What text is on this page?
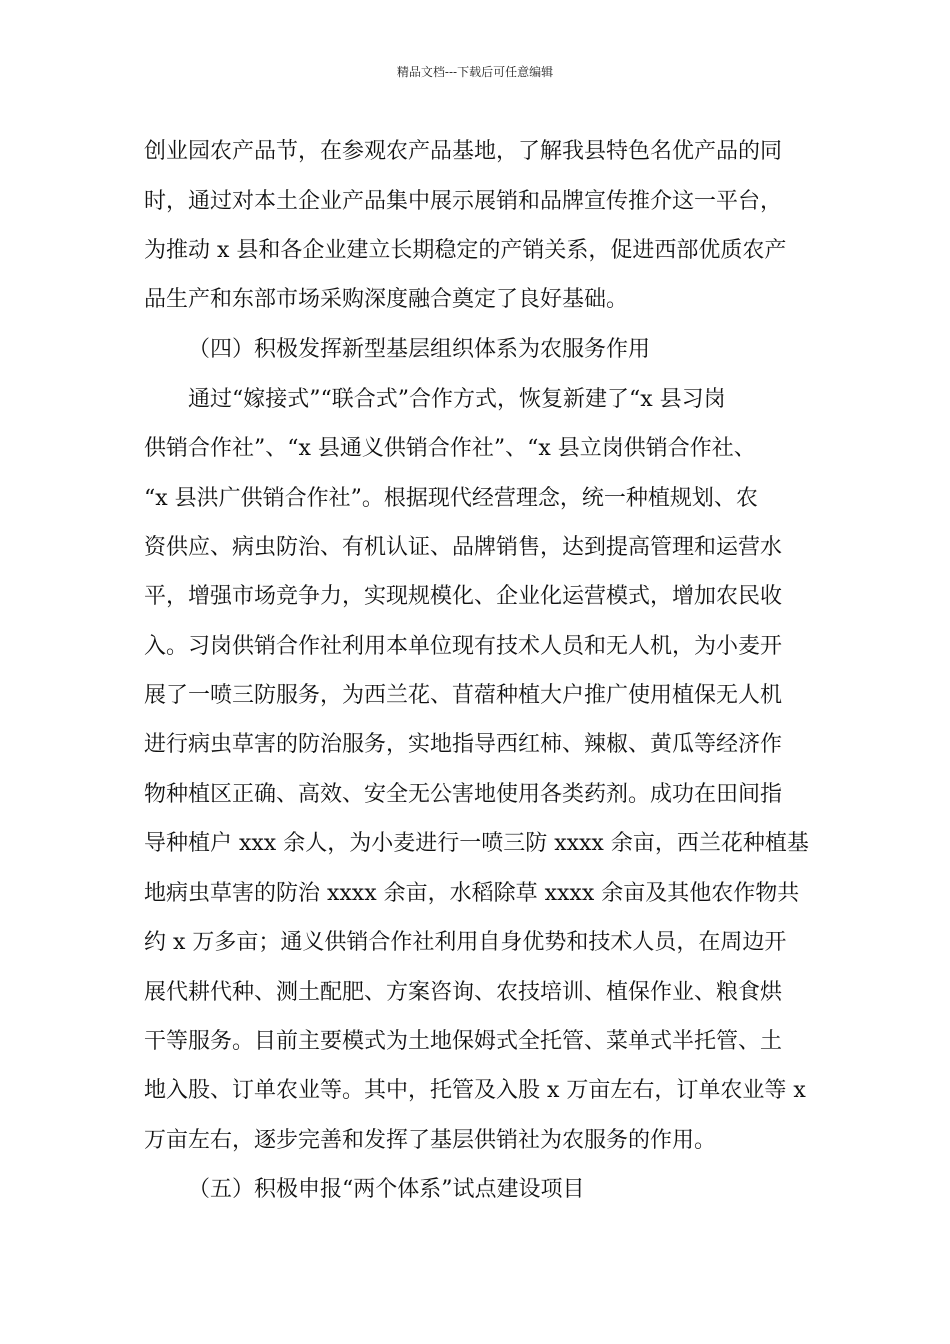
精品文档---下载后可任意编辑
创业园农产品节，在参观农产品基地，了解我县特色名优产品的同
时，通过对本土企业产品集中展示展销和品牌宣传推介这一平台，
为推动 x 县和各企业建立长期稳定的产销关系，促进西部优质农产
品生产和东部市场采购深度融合奠定了良好基础。
（四）积极发挥新型基层组织体系为农服务作用
通过“嫁接式”“联合式”合作方式，恢复新建了“x 县习岗
供销合作社”、“x 县通义供销合作社”、“x 县立岗供销合作社、
“x 县洪广供销合作社”。根据现代经营理念，统一种植规划、农
资供应、病虫防治、有机认证、品牌销售，达到提高管理和运营水
平，增强市场竞争力，实现规模化、企业化运营模式，增加农民收
入。习岗供销合作社利用本单位现有技术人员和无人机，为小麦开
展了一喷三防服务，为西兰花、苜蓿种植大户推广使用植保无人机
进行病虫草害的防治服务，实地指导西红柿、辣椒、黄瓜等经济作
物种植区正确、高效、安全无公害地使用各类药剂。成功在田间指
导种植户 xxx 余人，为小麦进行一喷三防 xxxx 余亩，西兰花种植基
地病虫草害的防治 xxxx 余亩，水稻除草 xxxx 余亩及其他农作物共
约 x 万多亩；通义供销合作社利用自身优势和技术人员，在周边开
展代耕代种、测土配肥、方案咨询、农技培训、植保作业、粮食烘
干等服务。目前主要模式为土地保姆式全托管、菜单式半托管、土
地入股、订单农业等。其中，托管及入股 x 万亩左右，订单农业等 x
万亩左右，逐步完善和发挥了基层供销社为农服务的作用。
（五）积极申报“两个体系”试点建设项目
